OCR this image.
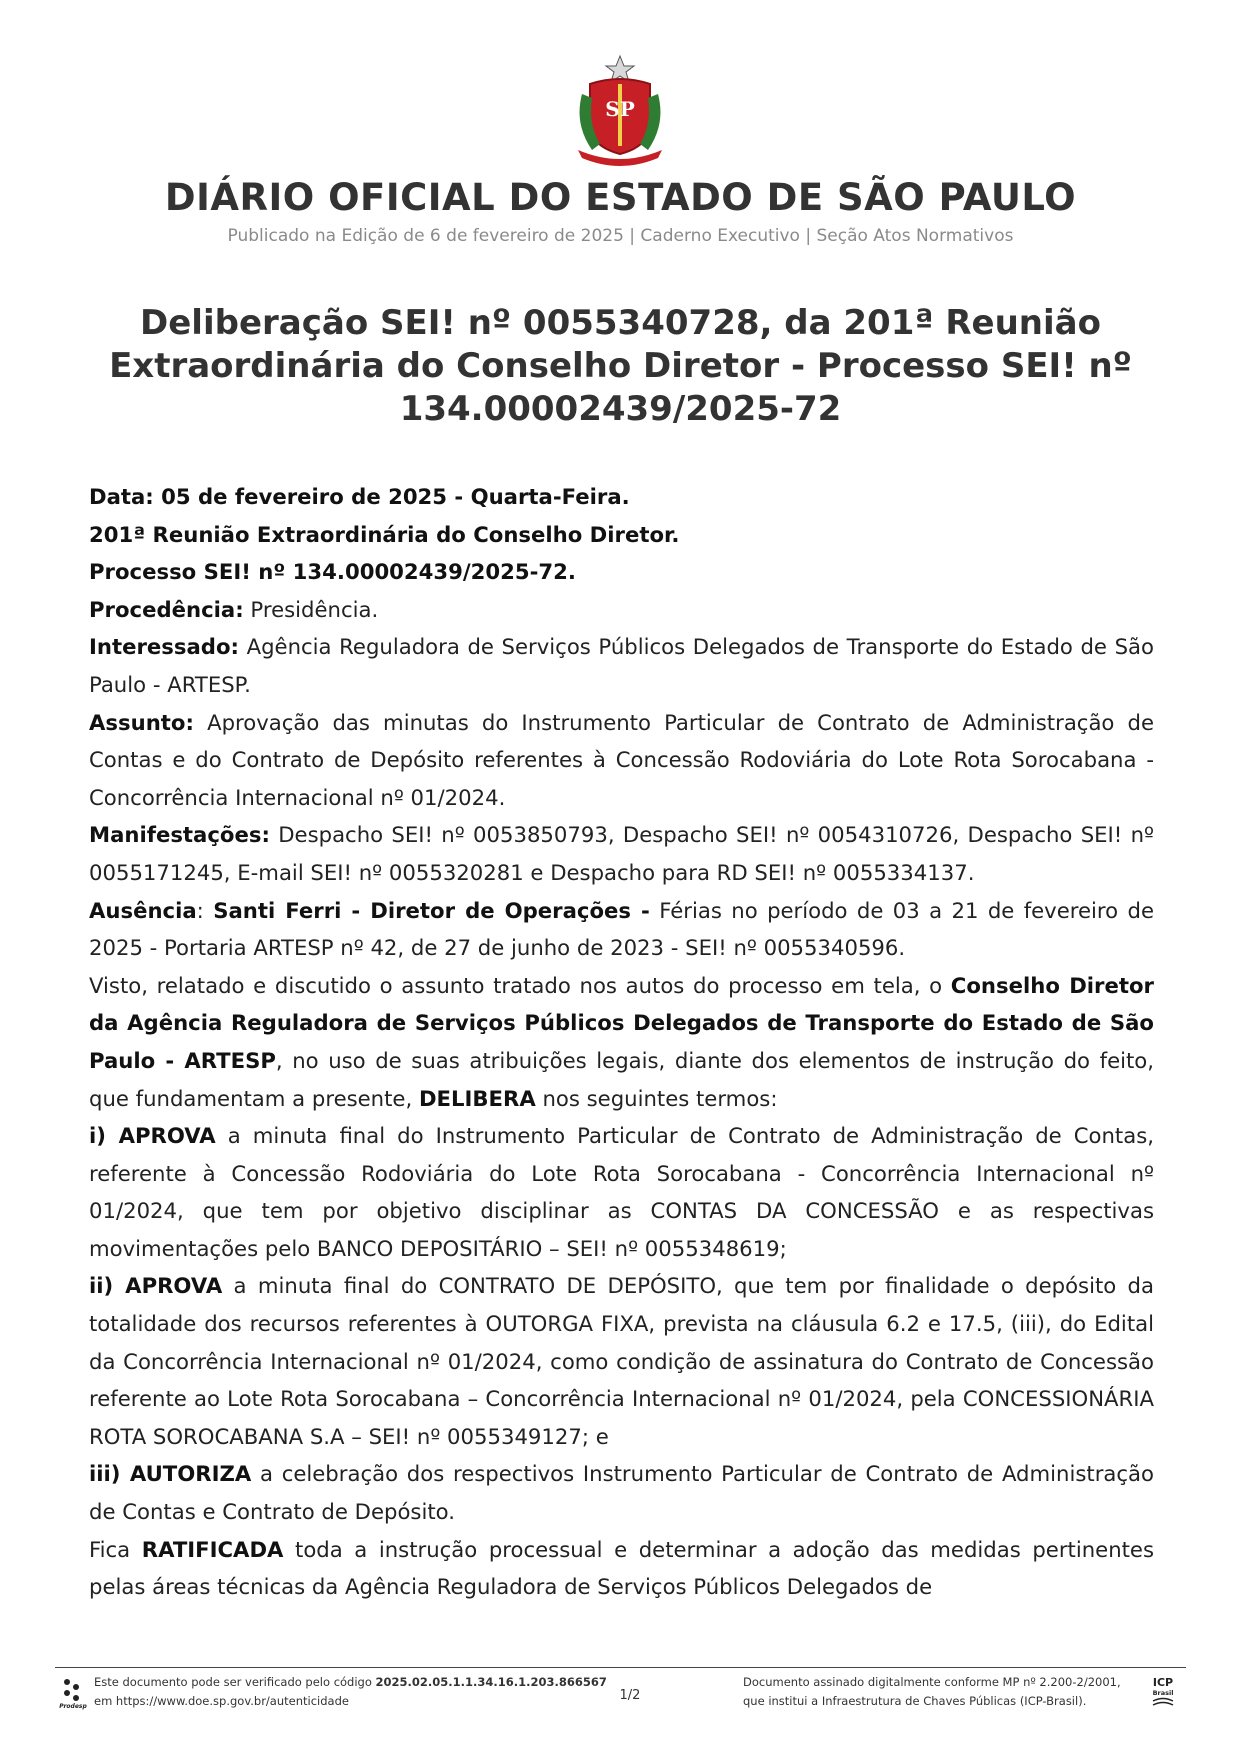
SP
DIÁRIO OFICIAL DO ESTADO DE SÃO PAULO
Publicado na Edição de 6 de fevereiro de 2025 | Caderno Executivo | Seção Atos Normativos
Deliberação SEI! nº 0055340728, da 201ª Reunião Extraordinária do Conselho Diretor - Processo SEI! nº 134.00002439/2025-72

Data: 05 de fevereiro de 2025 - Quarta-Feira.

201ª Reunião Extraordinária do Conselho Diretor.

Processo SEI! nº 134.00002439/2025-72.

Procedência: Presidência.

Interessado: Agência Reguladora de Serviços Públicos Delegados de Transporte do Estado de São Paulo - ARTESP.

Assunto: Aprovação das minutas do Instrumento Particular de Contrato de Administração de Contas e do Contrato de Depósito referentes à Concessão Rodoviária do Lote Rota Sorocabana - Concorrência Internacional nº 01/2024.

Manifestações: Despacho SEI! nº 0053850793, Despacho SEI! nº 0054310726, Despacho SEI! nº 0055171245, E-mail SEI! nº 0055320281 e Despacho para RD SEI! nº 0055334137.

Ausência: Santi Ferri - Diretor de Operações - Férias no período de 03 a 21 de fevereiro de 2025 - Portaria ARTESP nº 42, de 27 de junho de 2023 - SEI! nº 0055340596.

Visto, relatado e discutido o assunto tratado nos autos do processo em tela, o Conselho Diretor da Agência Reguladora de Serviços Públicos Delegados de Transporte do Estado de São Paulo - ARTESP, no uso de suas atribuições legais, diante dos elementos de instrução do feito, que fundamentam a presente, DELIBERA nos seguintes termos:

i) APROVA a minuta final do Instrumento Particular de Contrato de Administração de Contas, referente à Concessão Rodoviária do Lote Rota Sorocabana - Concorrência Internacional nº 01/2024, que tem por objetivo disciplinar as CONTAS DA CONCESSÃO e as respectivas movimentações pelo BANCO DEPOSITÁRIO – SEI! nº 0055348619;

ii) APROVA a minuta final do CONTRATO DE DEPÓSITO, que tem por finalidade o depósito da totalidade dos recursos referentes à OUTORGA FIXA, prevista na cláusula 6.2 e 17.5, (iii), do Edital da Concorrência Internacional nº 01/2024, como condição de assinatura do Contrato de Concessão referente ao Lote Rota Sorocabana – Concorrência Internacional nº 01/2024, pela CONCESSIONÁRIA ROTA SOROCABANA S.A – SEI! nº 0055349127; e

iii) AUTORIZA a celebração dos respectivos Instrumento Particular de Contrato de Administração de Contas e Contrato de Depósito.

Fica RATIFICADA toda a instrução processual e determinar a adoção das medidas pertinentes pelas áreas técnicas da Agência Reguladora de Serviços Públicos Delegados de

Prodesp
Este documento pode ser verificado pelo código 2025.02.05.1.1.34.16.1.203.866567
em https://www.doe.sp.gov.br/autenticidade	1/2
Documento assinado digitalmente conforme MP nº 2.200-2/2001,
que institui a Infraestrutura de Chaves Públicas (ICP-Brasil).
ICP
Brasil
